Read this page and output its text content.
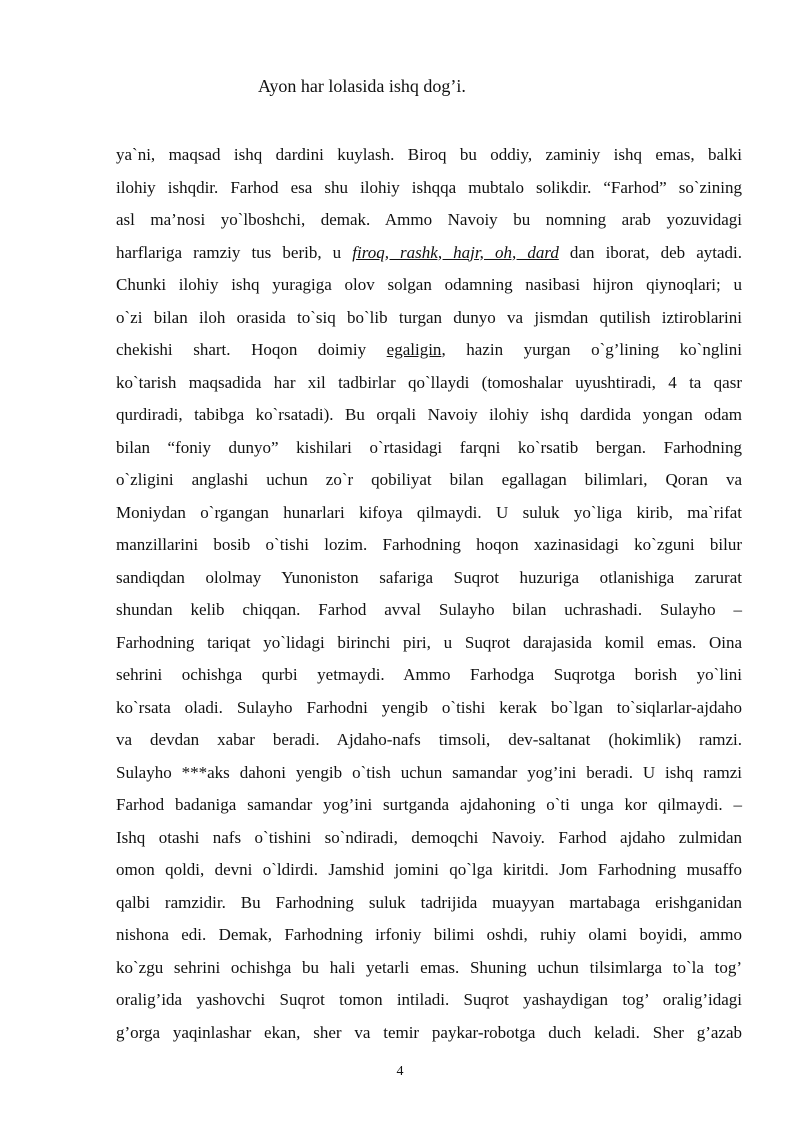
Ayon har lolasida ishq dog’i.
ya`ni, maqsad ishq dardini kuylash. Biroq bu oddiy, zaminiy ishq emas, balki
ilohiy ishqdir. Farhod esa shu ilohiy ishqqa mubtalo solikdir. “Farhod” so`zining
asl ma’nosi yo`lboshchi, demak. Ammo Navoiy bu nomning arab yozuvidagi
harflariga ramziy tus berib, u firoq, rashk, hajr, oh, dard dan iborat, deb aytadi.
Chunki ilohiy ishq yuragiga olov solgan odamning nasibasi hijron qiynoqlari; u
o`zi bilan iloh orasida to`siq bo`lib turgan dunyo va jismdan qutilish iztiroblarini
chekishi shart. Hoqon doimiy egaligin, hazin yurgan o`g’lining ko`nglini
ko`tarish maqsadida har xil tadbirlar qo`llaydi (tomoshalar uyushtiradi, 4 ta qasr
qurdiradi, tabibga ko`rsatadi). Bu orqali Navoiy ilohiy ishq dardida yongan odam
bilan “foniy dunyo” kishilari o`rtasidagi farqni ko`rsatib bergan. Farhodning
o`zligini anglashi uchun zo`r qobiliyat bilan egallagan bilimlari, Qoran va
Moniydan o`rgangan hunarlari kifoya qilmaydi. U suluk yo`liga kirib, ma`rifat
manzillarini bosib o`tishi lozim. Farhodning hoqon xazinasidagi ko`zguni bilur
sandiqdan ololmay Yunoniston safariga Suqrot huzuriga otlanishiga zarurat
shundan kelib chiqqan. Farhod avval Sulayho bilan uchrashadi. Sulayho –
Farhodning tariqat yo`lidagi birinchi piri, u Suqrot darajasida komil emas. Oina
sehrini ochishga qurbi yetmaydi. Ammo Farhodga Suqrotga borish yo`lini
ko`rsata oladi. Sulayho Farhodni yengib o`tishi kerak bo`lgan to`siqlarlar-ajdaho
va devdan xabar beradi. Ajdaho-nafs timsoli, dev-saltanat (hokimlik) ramzi.
Sulayho ***aks dahoni yengib o`tish uchun samandar yog’ini beradi. U ishq ramzi
Farhod badaniga samandar yog’ini surtganda ajdahoning o`ti unga kor qilmaydi. –
Ishq otashi nafs o`tishini so`ndiradi, demoqchi Navoiy. Farhod ajdaho zulmidan
omon qoldi, devni o`ldirdi. Jamshid jomini qo`lga kiritdi. Jom Farhodning musaffo
qalbi ramzidir. Bu Farhodning suluk tadrijida muayyan martabaga erishganidan
nishona edi. Demak, Farhodning irfoniy bilimi oshdi, ruhiy olami boyidi, ammo
ko`zgu sehrini ochishga bu hali yetarli emas. Shuning uchun tilsimlarga to`la tog’
oralig’ida yashovchi Suqrot tomon intiladi. Suqrot yashaydigan tog’ oralig’idagi
g’orga yaqinlashar ekan, sher va temir paykar-robotga duch keladi. Sher g’azab
4
